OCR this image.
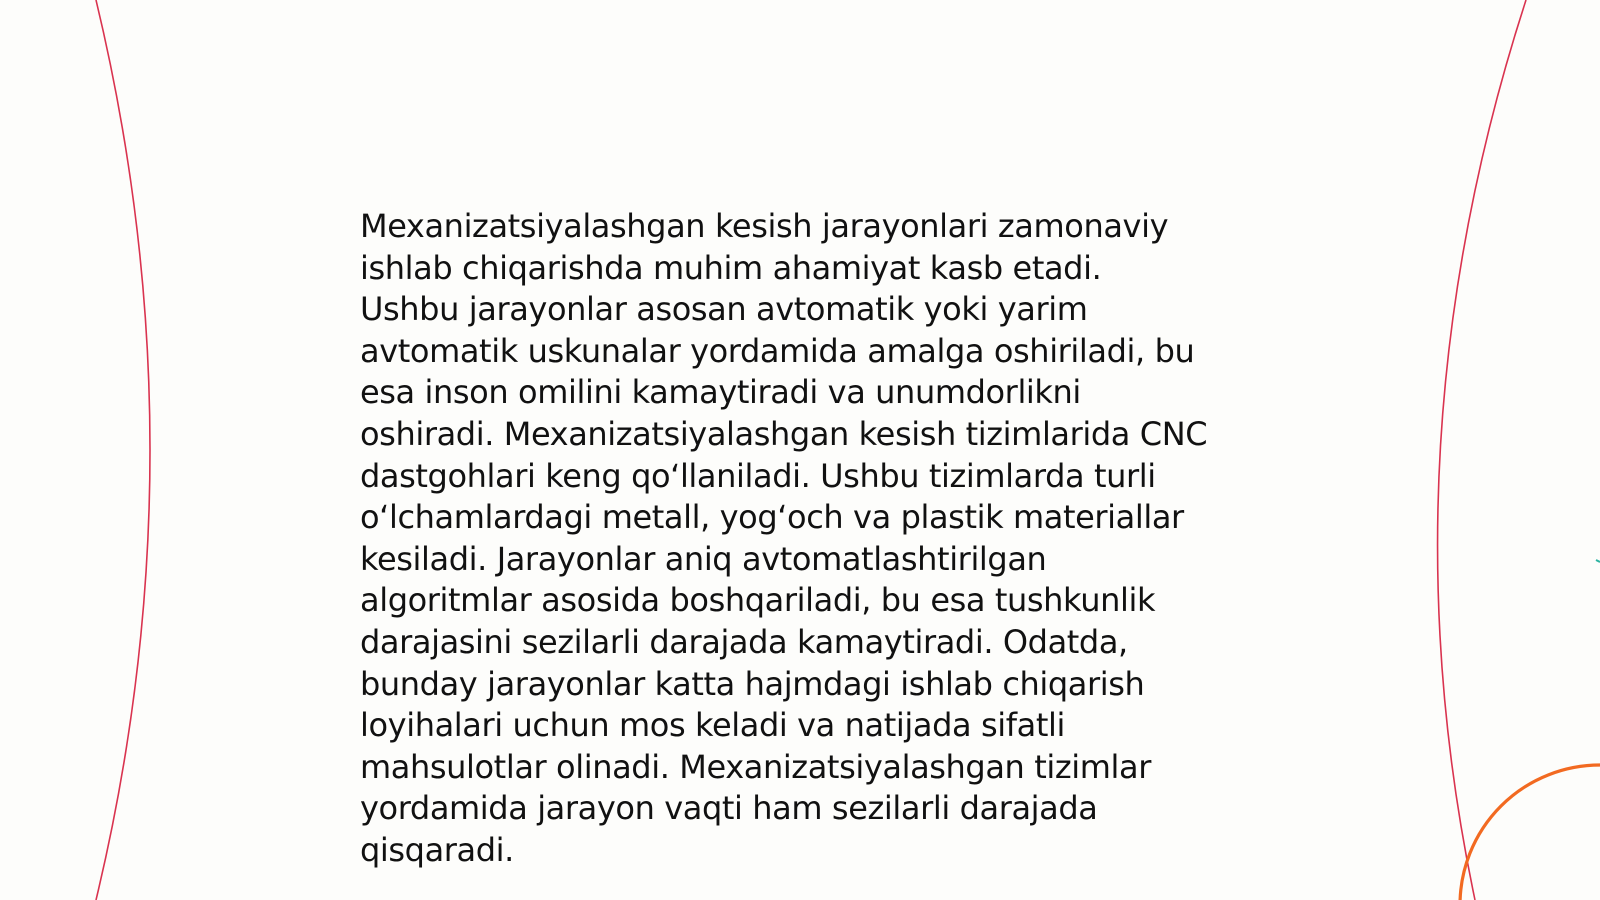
Mexanizatsiyalashgan kesish jarayonlari zamonaviy
ishlab chiqarishda muhim ahamiyat kasb etadi.
Ushbu jarayonlar asosan avtomatik yoki yarim
avtomatik uskunalar yordamida amalga oshiriladi, bu
esa inson omilini kamaytiradi va unumdorlikni
oshiradi. Mexanizatsiyalashgan kesish tizimlarida CNC
dastgohlari keng qoʻllaniladi. Ushbu tizimlarda turli
oʻlchamlardagi metall, yogʻoch va plastik materiallar
kesiladi. Jarayonlar aniq avtomatlashtirilgan
algoritmlar asosida boshqariladi, bu esa tushkunlik
darajasini sezilarli darajada kamaytiradi. Odatda,
bunday jarayonlar katta hajmdagi ishlab chiqarish
loyihalari uchun mos keladi va natijada sifatli
mahsulotlar olinadi. Mexanizatsiyalashgan tizimlar
yordamida jarayon vaqti ham sezilarli darajada
qisqaradi.
